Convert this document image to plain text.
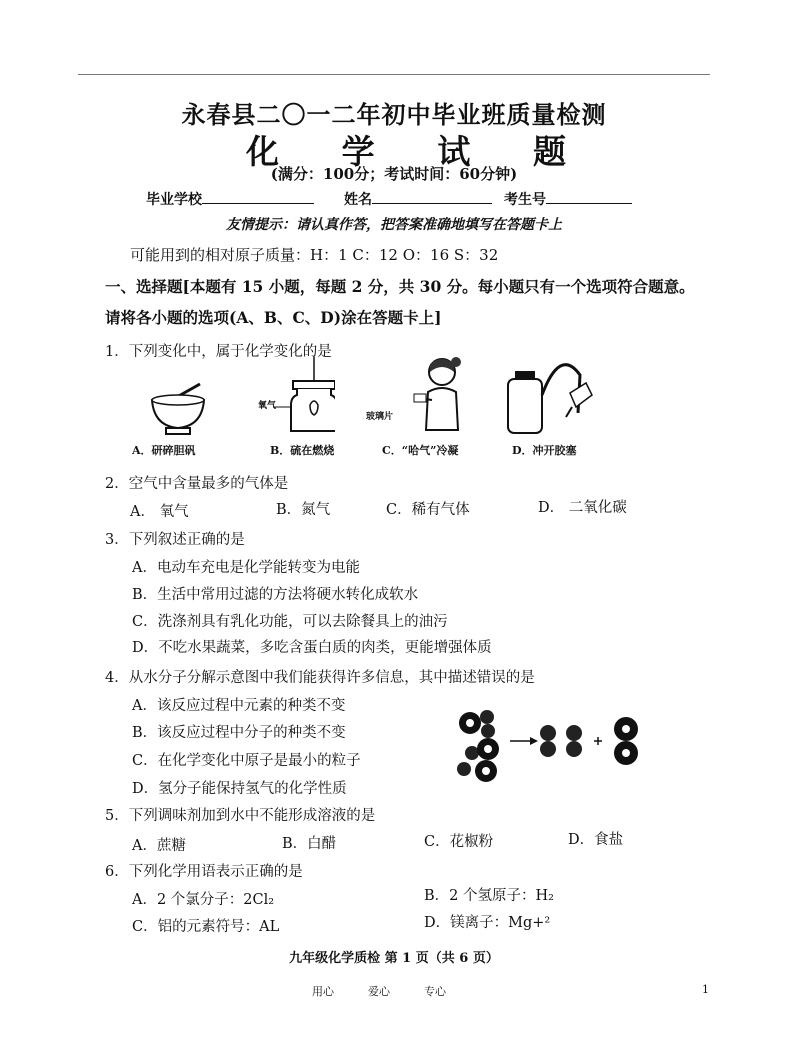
永春县二〇一二年初中毕业班质量检测
化 学 试 题
(满分：100分；考试时间：60分钟)
毕业学校	姓名	考生号
友情提示：请认真作答，把答案准确地填写在答题卡上
可能用到的相对原子质量：H：1 C：12 O：16 S：32
一、选择题[本题有 15 小题，每题 2 分，共 30 分。每小题只有一个选项符合题意。
请将各小题的选项(A、B、C、D)涂在答题卡上]
1．下列变化中，属于化学变化的是
氧气
玻璃片
A．研碎胆矾	B．硫在燃烧	C．“哈气”冷凝	D．冲开胶塞
2．空气中含量最多的气体是
A． 氧气	B．氮气	C．稀有气体	D． 二氧化碳
3．下列叙述正确的是
A．电动车充电是化学能转变为电能
B．生活中常用过滤的方法将硬水转化成软水
C．洗涤剂具有乳化功能，可以去除餐具上的油污
D．不吃水果蔬菜，多吃含蛋白质的肉类，更能增强体质
4．从水分子分解示意图中我们能获得许多信息，其中描述错误的是
A．该反应过程中元素的种类不变
B．该反应过程中分子的种类不变
C．在化学变化中原子是最小的粒子
D．氢分子能保持氢气的化学性质
5．下列调味剂加到水中不能形成溶液的是
A．蔗糖	B．白醋	C．花椒粉	D．食盐
6．下列化学用语表示正确的是
A．2 个氯分子：2Cl₂	B．2 个氢原子：H₂
C．铝的元素符号：AL	D．镁离子：Mg+²
九年级化学质检 第 1 页（共 6 页）
用心	爱心	专心	1
